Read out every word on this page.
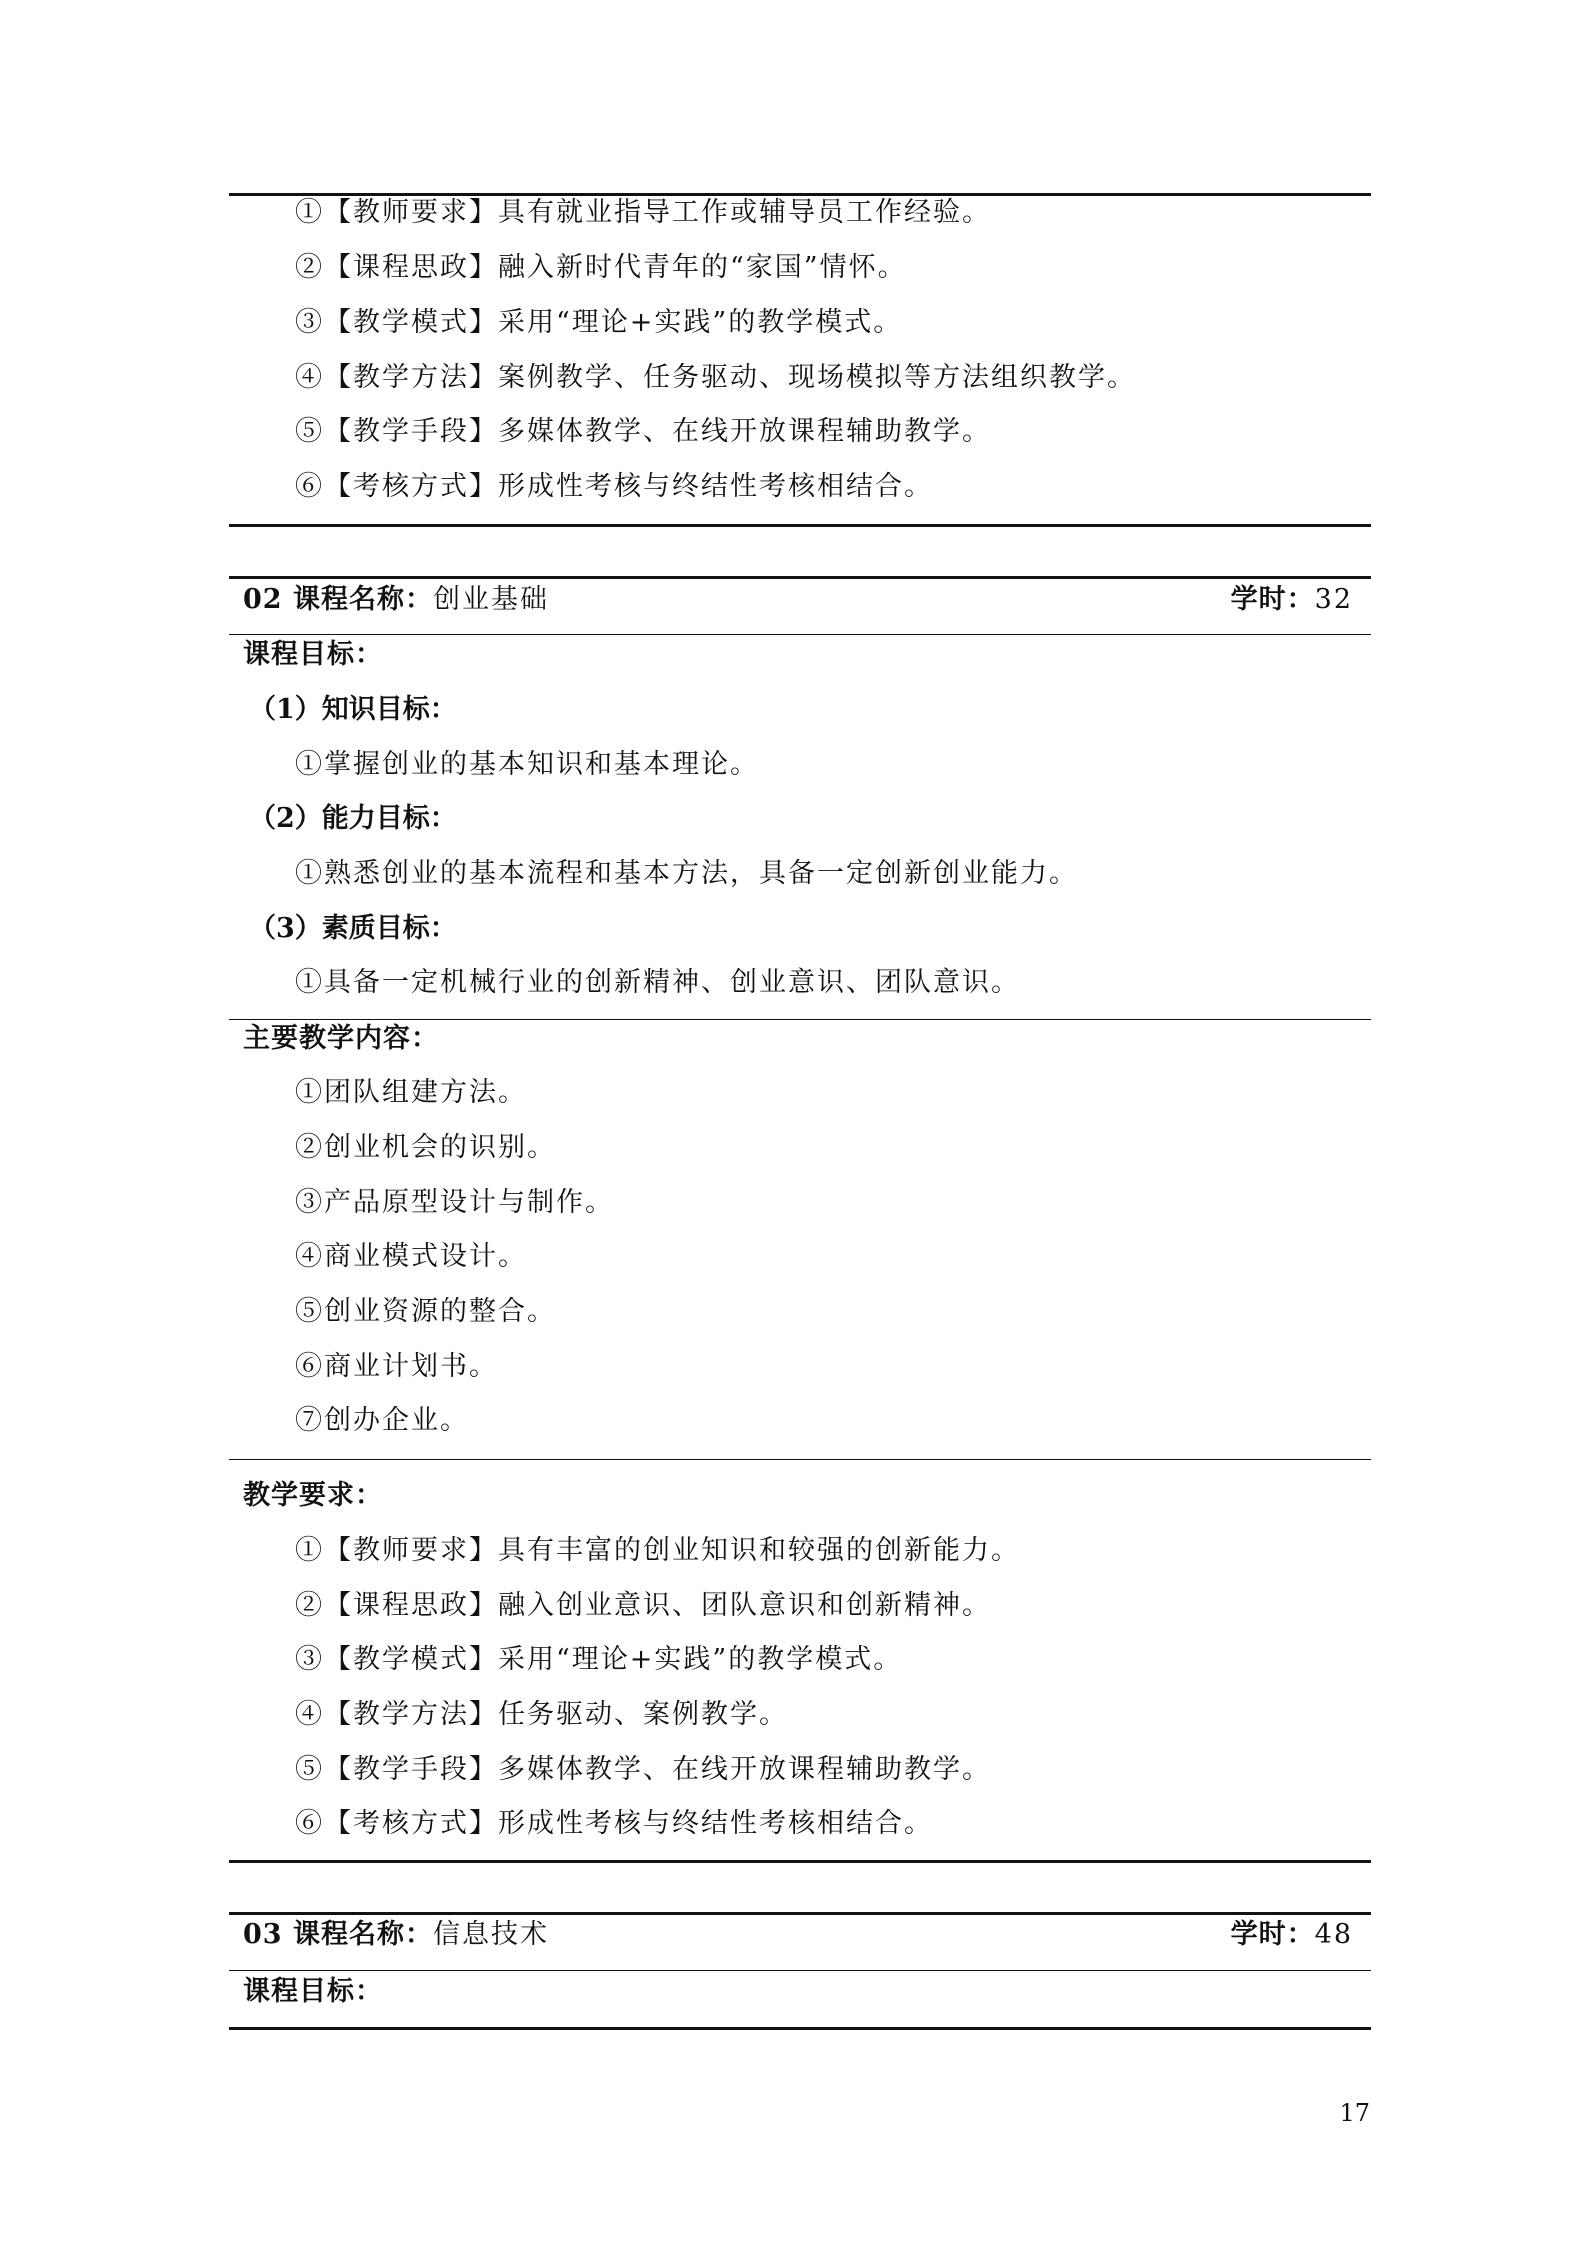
①【教师要求】具有就业指导工作或辅导员工作经验。
②【课程思政】融入新时代青年的“家国”情怀。
③【教学模式】采用“理论+实践”的教学模式。
④【教学方法】案例教学、任务驱动、现场模拟等方法组织教学。
⑤【教学手段】多媒体教学、在线开放课程辅助教学。
⑥【考核方式】形成性考核与终结性考核相结合。
02 课程名称：创业基础	学时：32
课程目标：
（1）知识目标：
①掌握创业的基本知识和基本理论。
（2）能力目标：
①熟悉创业的基本流程和基本方法，具备一定创新创业能力。
（3）素质目标：
①具备一定机械行业的创新精神、创业意识、团队意识。
主要教学内容：
①团队组建方法。
②创业机会的识别。
③产品原型设计与制作。
④商业模式设计。
⑤创业资源的整合。
⑥商业计划书。
⑦创办企业。
教学要求：
①【教师要求】具有丰富的创业知识和较强的创新能力。
②【课程思政】融入创业意识、团队意识和创新精神。
③【教学模式】采用“理论+实践”的教学模式。
④【教学方法】任务驱动、案例教学。
⑤【教学手段】多媒体教学、在线开放课程辅助教学。
⑥【考核方式】形成性考核与终结性考核相结合。
03 课程名称：信息技术	学时：48
课程目标：
17
